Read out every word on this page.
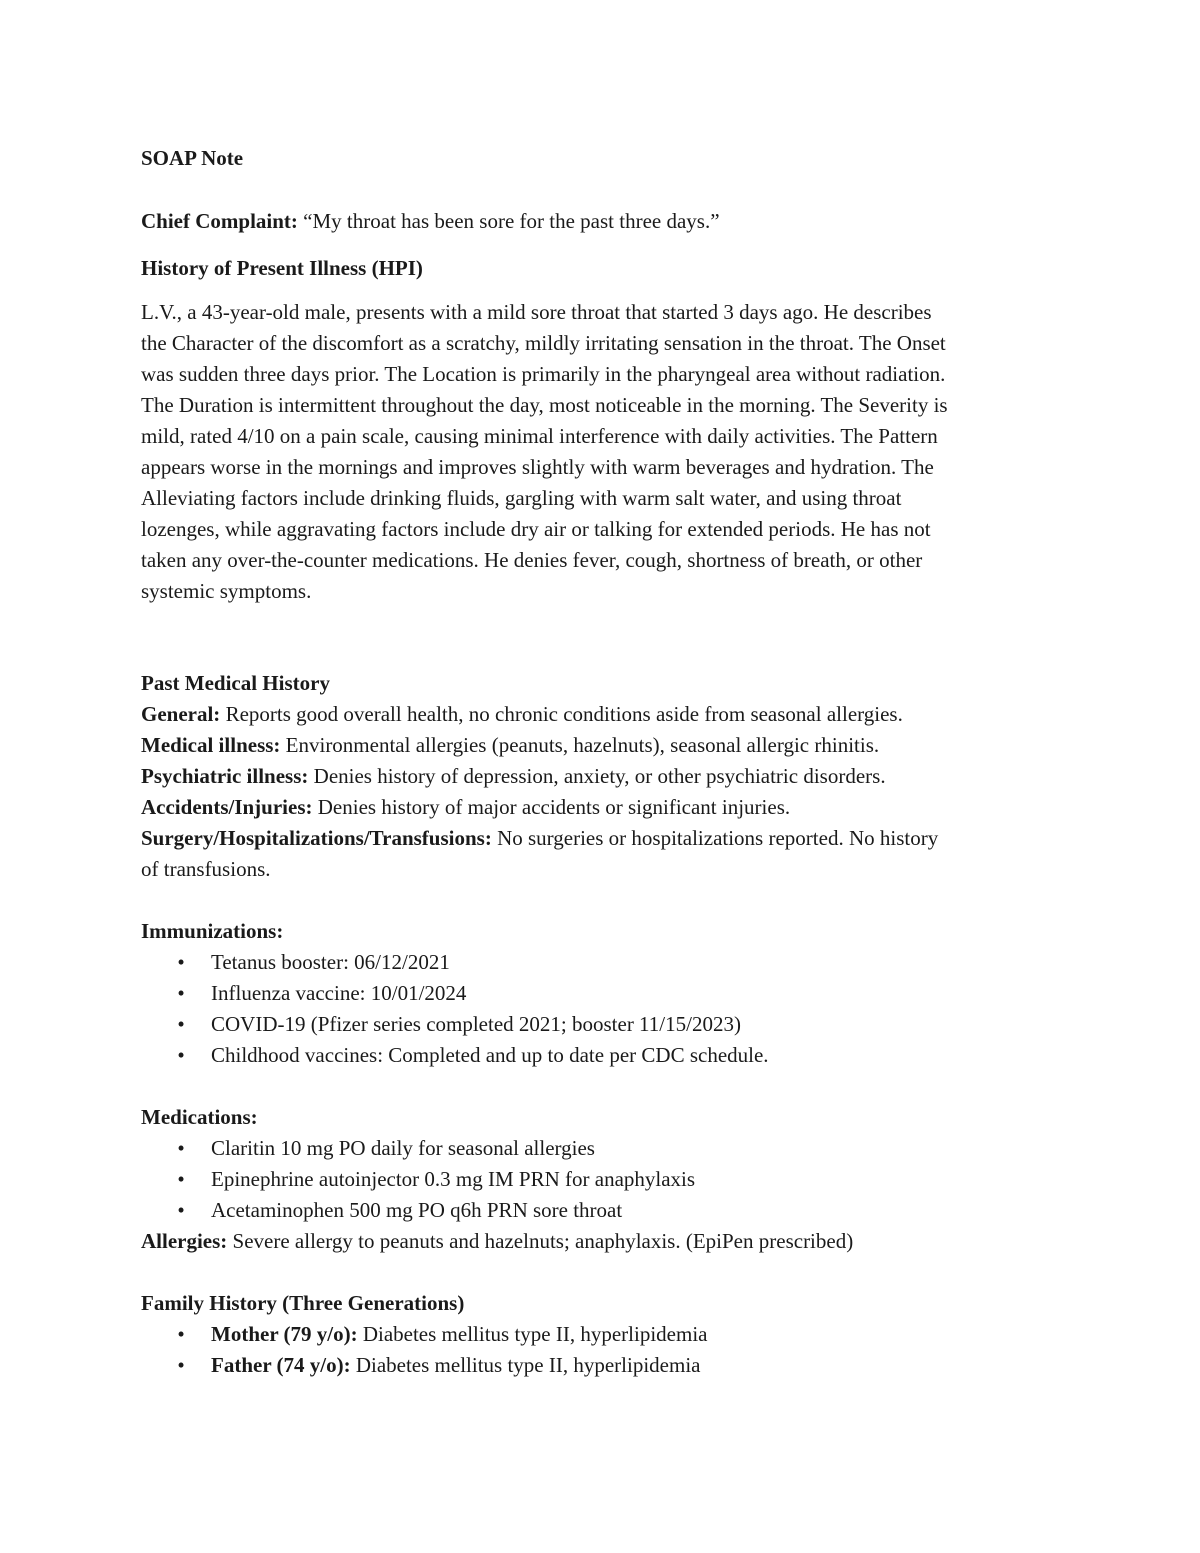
SOAP Note
Chief Complaint: “My throat has been sore for the past three days.”
History of Present Illness (HPI)
L.V., a 43-year-old male, presents with a mild sore throat that started 3 days ago. He describes
the Character of the discomfort as a scratchy, mildly irritating sensation in the throat. The Onset
was sudden three days prior. The Location is primarily in the pharyngeal area without radiation.
The Duration is intermittent throughout the day, most noticeable in the morning. The Severity is
mild, rated 4/10 on a pain scale, causing minimal interference with daily activities. The Pattern
appears worse in the mornings and improves slightly with warm beverages and hydration. The
Alleviating factors include drinking fluids, gargling with warm salt water, and using throat
lozenges, while aggravating factors include dry air or talking for extended periods. He has not
taken any over-the-counter medications. He denies fever, cough, shortness of breath, or other
systemic symptoms.
Past Medical History
General: Reports good overall health, no chronic conditions aside from seasonal allergies.
Medical illness: Environmental allergies (peanuts, hazelnuts), seasonal allergic rhinitis.
Psychiatric illness: Denies history of depression, anxiety, or other psychiatric disorders.
Accidents/Injuries: Denies history of major accidents or significant injuries.
Surgery/Hospitalizations/Transfusions: No surgeries or hospitalizations reported. No history
of transfusions.
Immunizations:
• Tetanus booster: 06/12/2021
• Influenza vaccine: 10/01/2024
• COVID-19 (Pfizer series completed 2021; booster 11/15/2023)
• Childhood vaccines: Completed and up to date per CDC schedule.
Medications:
• Claritin 10 mg PO daily for seasonal allergies
• Epinephrine autoinjector 0.3 mg IM PRN for anaphylaxis
• Acetaminophen 500 mg PO q6h PRN sore throat
Allergies: Severe allergy to peanuts and hazelnuts; anaphylaxis. (EpiPen prescribed)
Family History (Three Generations)
• Mother (79 y/o): Diabetes mellitus type II, hyperlipidemia
• Father (74 y/o): Diabetes mellitus type II, hyperlipidemia
